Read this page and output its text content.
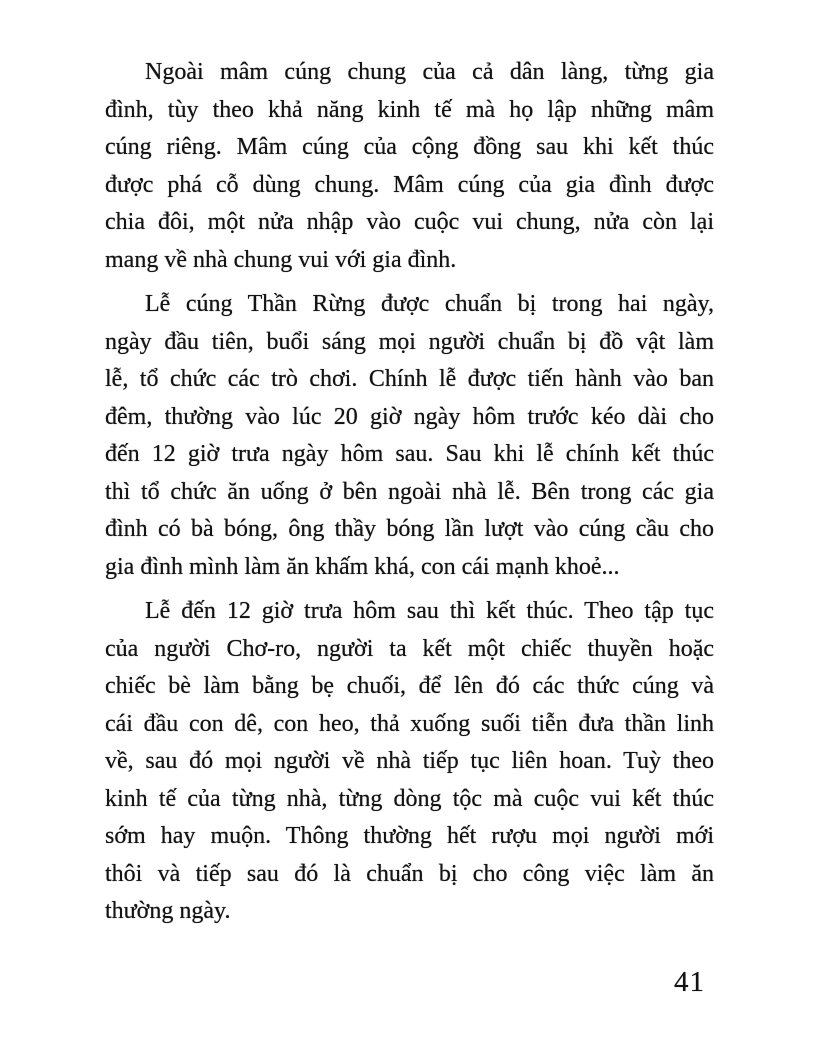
Ngoài mâm cúng chung của cả dân làng, từng gia
đình, tùy theo khả năng kinh tế mà họ lập những mâm
cúng riêng. Mâm cúng của cộng đồng sau khi kết thúc
được phá cỗ dùng chung. Mâm cúng của gia đình được
chia đôi, một nửa nhập vào cuộc vui chung, nửa còn lại
mang về nhà chung vui với gia đình.

Lễ cúng Thần Rừng được chuẩn bị trong hai ngày,
ngày đầu tiên, buổi sáng mọi người chuẩn bị đồ vật làm
lễ, tổ chức các trò chơi. Chính lễ được tiến hành vào ban
đêm, thường vào lúc 20 giờ ngày hôm trước kéo dài cho
đến 12 giờ trưa ngày hôm sau. Sau khi lễ chính kết thúc
thì tổ chức ăn uống ở bên ngoài nhà lễ. Bên trong các gia
đình có bà bóng, ông thầy bóng lần lượt vào cúng cầu cho
gia đình mình làm ăn khấm khá, con cái mạnh khoẻ...

Lễ đến 12 giờ trưa hôm sau thì kết thúc. Theo tập tục
của người Chơ-ro, người ta kết một chiếc thuyền hoặc
chiếc bè làm bằng bẹ chuối, để lên đó các thức cúng và
cái đầu con dê, con heo, thả xuống suối tiễn đưa thần linh
về, sau đó mọi người về nhà tiếp tục liên hoan. Tuỳ theo
kinh tế của từng nhà, từng dòng tộc mà cuộc vui kết thúc
sớm hay muộn. Thông thường hết rượu mọi người mới
thôi và tiếp sau đó là chuẩn bị cho công việc làm ăn
thường ngày.

41
